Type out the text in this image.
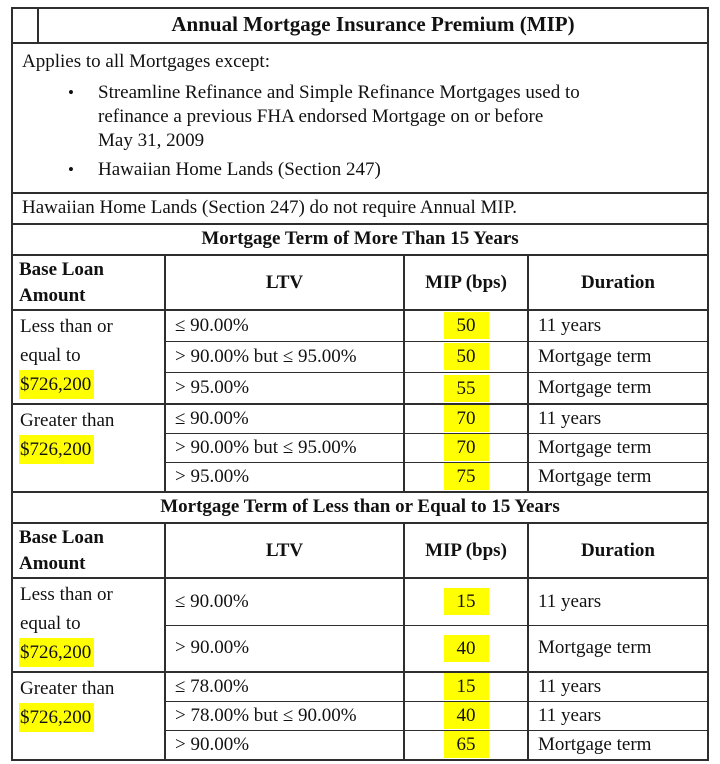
Annual Mortgage Insurance Premium (MIP)
Applies to all Mortgages except:
•	Streamline Refinance and Simple Refinance Mortgages used to
refinance a previous FHA endorsed Mortgage on or before
May 31, 2009
•	Hawaiian Home Lands (Section 247)
Hawaiian Home Lands (Section 247) do not require Annual MIP.
Mortgage Term of More Than 15 Years
Base Loan Amount	LTV	MIP (bps)	Duration
Less than or
equal to
$726,200	≤ 90.00%	50	11 years
	> 90.00% but ≤ 95.00%	50	Mortgage term
	> 95.00%	55	Mortgage term
Greater than
$726,200	≤ 90.00%	70	11 years
	> 90.00% but ≤ 95.00%	70	Mortgage term
	> 95.00%	75	Mortgage term
Mortgage Term of Less than or Equal to 15 Years
Base Loan Amount	LTV	MIP (bps)	Duration
Less than or
equal to
$726,200	≤ 90.00%	15	11 years
	> 90.00%	40	Mortgage term
Greater than
$726,200	≤ 78.00%	15	11 years
	> 78.00% but ≤ 90.00%	40	11 years
	> 90.00%	65	Mortgage term
